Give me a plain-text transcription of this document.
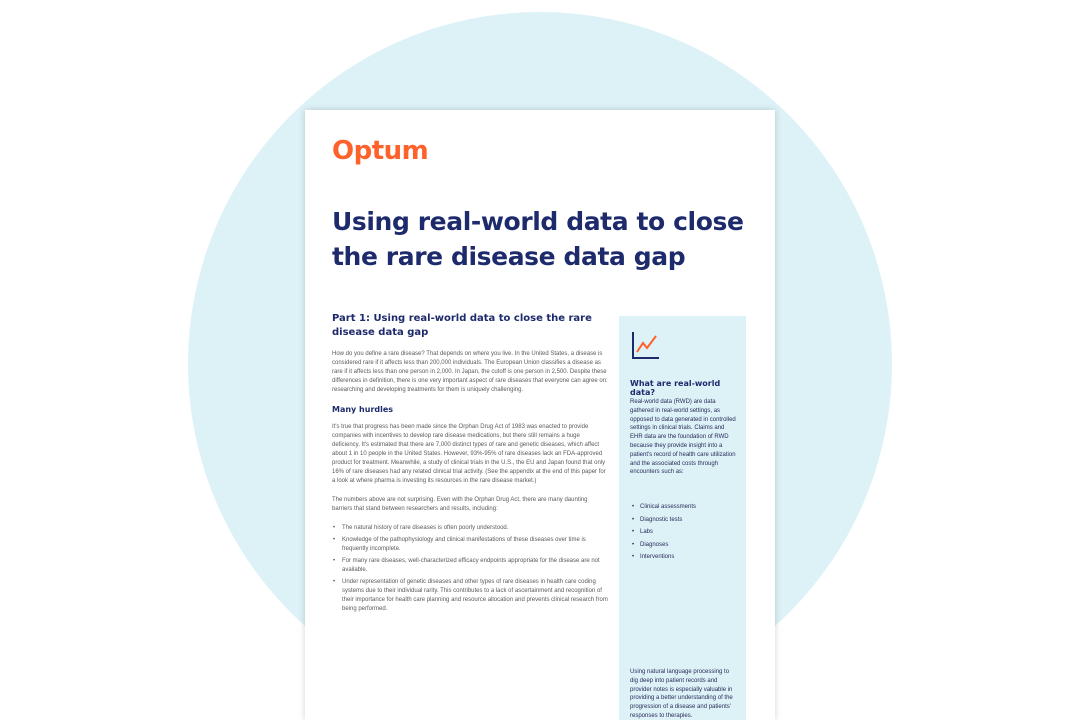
Optum
Using real-world data to close the rare disease data gap

Part 1: Using real-world data to close the rare disease data gap

How do you define a rare disease? That depends on where you live. In the United States, a disease is considered rare if it affects less than 200,000 individuals. The European Union classifies a disease as rare if it affects less than one person in 2,000. In Japan, the cutoff is one person in 2,500. Despite these differences in definition, there is one very important aspect of rare diseases that everyone can agree on: researching and developing treatments for them is uniquely challenging.

Many hurdles

It's true that progress has been made since the Orphan Drug Act of 1983 was enacted to provide companies with incentives to develop rare disease medications, but there still remains a huge deficiency. It's estimated that there are 7,000 distinct types of rare and genetic diseases, which affect about 1 in 10 people in the United States. However, 93%-95% of rare diseases lack an FDA-approved product for treatment. Meanwhile, a study of clinical trials in the U.S., the EU and Japan found that only 16% of rare diseases had any related clinical trial activity. (See the appendix at the end of this paper for a look at where pharma is investing its resources in the rare disease market.)

The numbers above are not surprising. Even with the Orphan Drug Act, there are many daunting barriers that stand between researchers and results, including:

• The natural history of rare diseases is often poorly understood.
• Knowledge of the pathophysiology and clinical manifestations of these diseases over time is frequently incomplete.
• For many rare diseases, well-characterized efficacy endpoints appropriate for the disease are not available.
• Under representation of genetic diseases and other types of rare diseases in health care coding systems due to their individual rarity. This contributes to a lack of ascertainment and recognition of their importance for health care planning and resource allocation and prevents clinical research from being performed.

What are real-world data?

Real-world data (RWD) are data gathered in real-world settings, as opposed to data generated in controlled settings in clinical trials. Claims and EHR data are the foundation of RWD because they provide insight into a patient's record of health care utilization and the associated costs through encounters such as:

• Clinical assessments
• Diagnostic tests
• Labs
• Diagnoses
• Interventions

Using natural language processing to dig deep into patient records and provider notes is especially valuable in providing a better understanding of the progression of a disease and patients' responses to therapies.
